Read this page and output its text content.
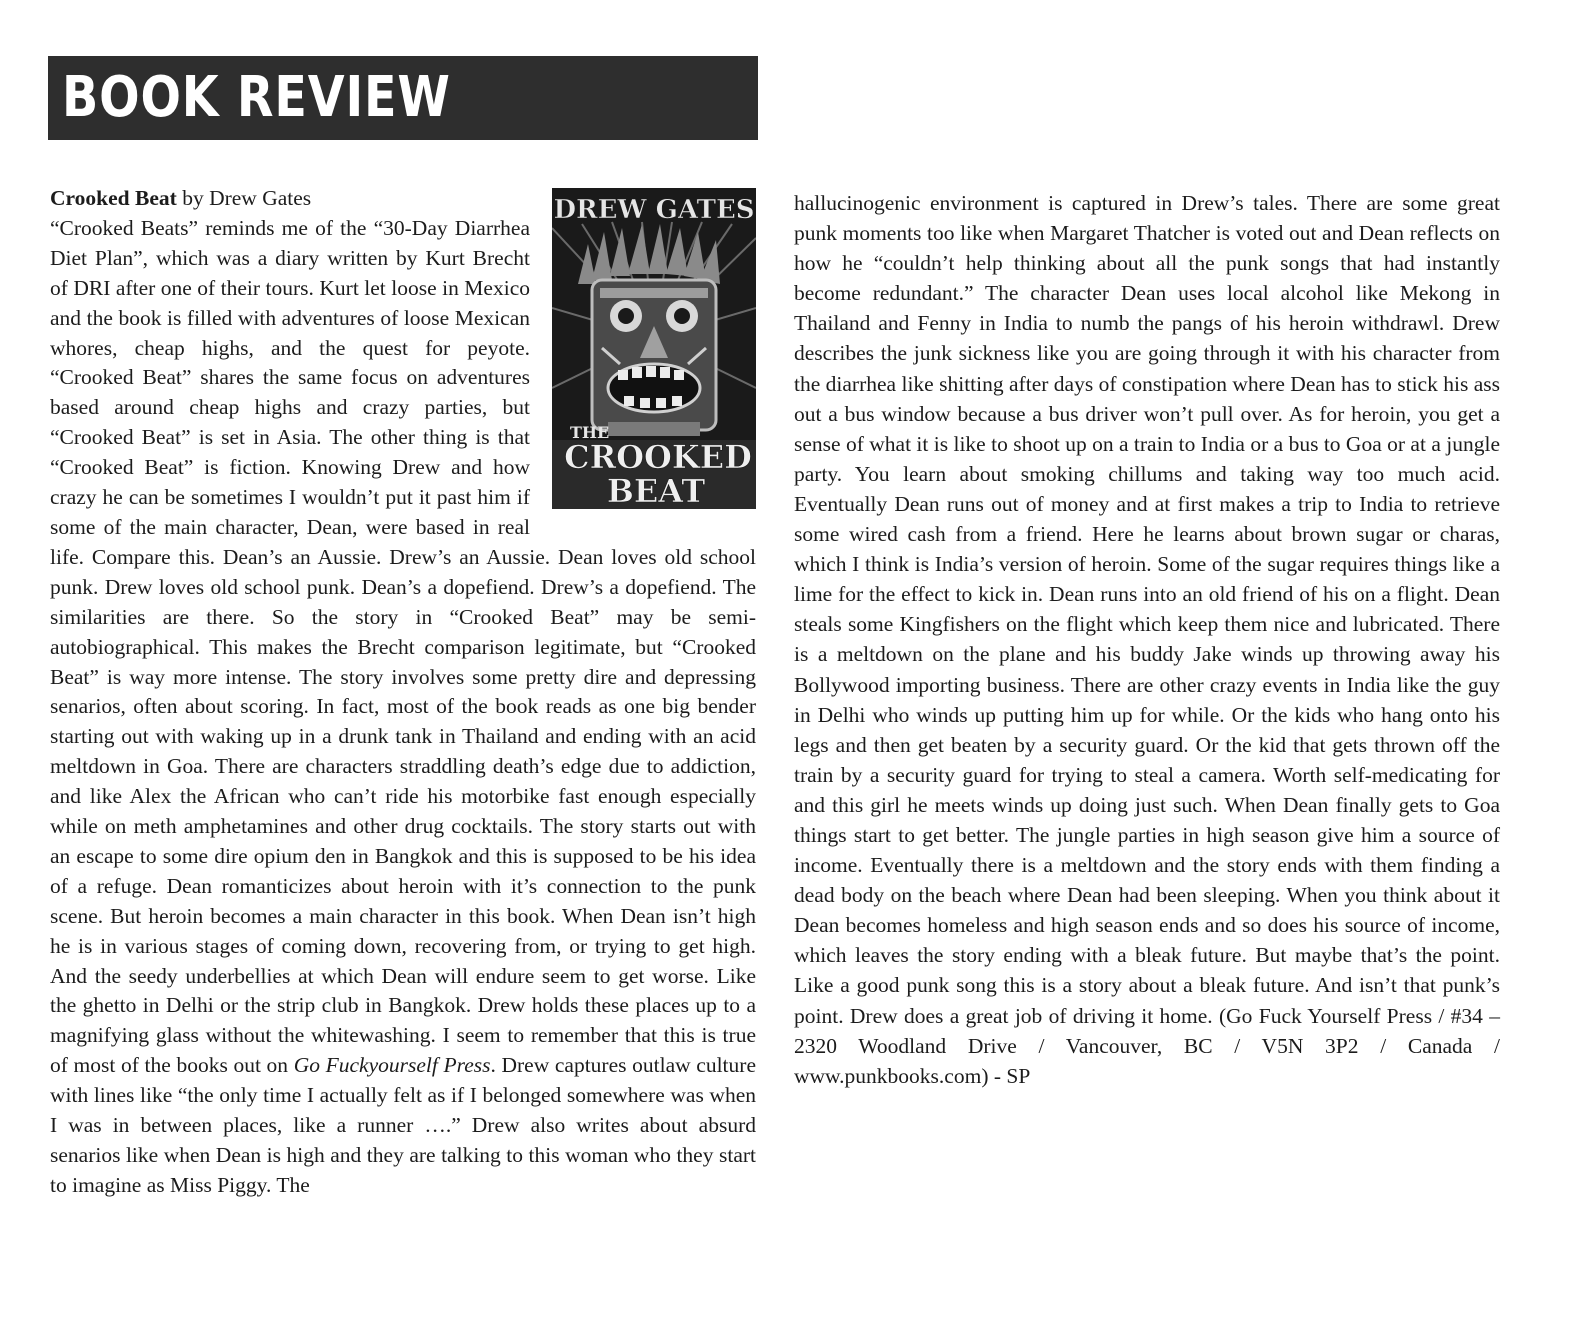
BOOK REVIEW
DREW GATES
THE
CROOKED
BEAT
Crooked Beat by Drew Gates

“Crooked Beats” reminds me of the “30-Day Diarrhea Diet Plan”, which was a diary written by Kurt Brecht of DRI after one of their tours. Kurt let loose in Mexico and the book is filled with adventures of loose Mexican whores, cheap highs, and the quest for peyote. “Crooked Beat” shares the same focus on adventures based around cheap highs and crazy parties, but “Crooked Beat” is set in Asia. The other thing is that “Crooked Beat” is fiction. Knowing Drew and how crazy he can be sometimes I wouldn’t put it past him if some of the main character, Dean, were based in real life. Compare this. Dean’s an Aussie. Drew’s an Aussie. Dean loves old school punk. Drew loves old school punk. Dean’s a dopefiend. Drew’s a dopefiend. The similarities are there. So the story in “Crooked Beat” may be semi-autobiographical. This makes the Brecht comparison legitimate, but “Crooked Beat” is way more intense. The story involves some pretty dire and depressing senarios, often about scoring. In fact, most of the book reads as one big bender starting out with waking up in a drunk tank in Thailand and ending with an acid meltdown in Goa. There are characters straddling death’s edge due to addiction, and like Alex the African who can’t ride his motorbike fast enough especially while on meth amphetamines and other drug cocktails. The story starts out with an escape to some dire opium den in Bangkok and this is supposed to be his idea of a refuge. Dean romanticizes about heroin with it’s connection to the punk scene. But heroin becomes a main character in this book. When Dean isn’t high he is in various stages of coming down, recovering from, or trying to get high. And the seedy underbellies at which Dean will endure seem to get worse. Like the ghetto in Delhi or the strip club in Bangkok. Drew holds these places up to a magnifying glass without the whitewashing. I seem to remember that this is true of most of the books out on Go Fuckyourself Press. Drew captures outlaw culture with lines like “the only time I actually felt as if I belonged somewhere was when I was in between places, like a runner ….” Drew also writes about absurd senarios like when Dean is high and they are talking to this woman who they start to imagine as Miss Piggy. The

hallucinogenic environment is captured in Drew’s tales. There are some great punk moments too like when Margaret Thatcher is voted out and Dean reflects on how he “couldn’t help thinking about all the punk songs that had instantly become redundant.” The character Dean uses local alcohol like Mekong in Thailand and Fenny in India to numb the pangs of his heroin withdrawl. Drew describes the junk sickness like you are going through it with his character from the diarrhea like shitting after days of constipation where Dean has to stick his ass out a bus window because a bus driver won’t pull over. As for heroin, you get a sense of what it is like to shoot up on a train to India or a bus to Goa or at a jungle party. You learn about smoking chillums and taking way too much acid. Eventually Dean runs out of money and at first makes a trip to India to retrieve some wired cash from a friend. Here he learns about brown sugar or charas, which I think is India’s version of heroin. Some of the sugar requires things like a lime for the effect to kick in. Dean runs into an old friend of his on a flight. Dean steals some Kingfishers on the flight which keep them nice and lubricated. There is a meltdown on the plane and his buddy Jake winds up throwing away his Bollywood importing business. There are other crazy events in India like the guy in Delhi who winds up putting him up for while. Or the kids who hang onto his legs and then get beaten by a security guard. Or the kid that gets thrown off the train by a security guard for trying to steal a camera. Worth self-medicating for and this girl he meets winds up doing just such. When Dean finally gets to Goa things start to get better. The jungle parties in high season give him a source of income. Eventually there is a meltdown and the story ends with them finding a dead body on the beach where Dean had been sleeping. When you think about it Dean becomes homeless and high season ends and so does his source of income, which leaves the story ending with a bleak future. But maybe that’s the point. Like a good punk song this is a story about a bleak future. And isn’t that punk’s point. Drew does a great job of driving it home. (Go Fuck Yourself Press / #34 – 2320 Woodland Drive / Vancouver, BC / V5N 3P2 / Canada / www.punkbooks.com) - SP
